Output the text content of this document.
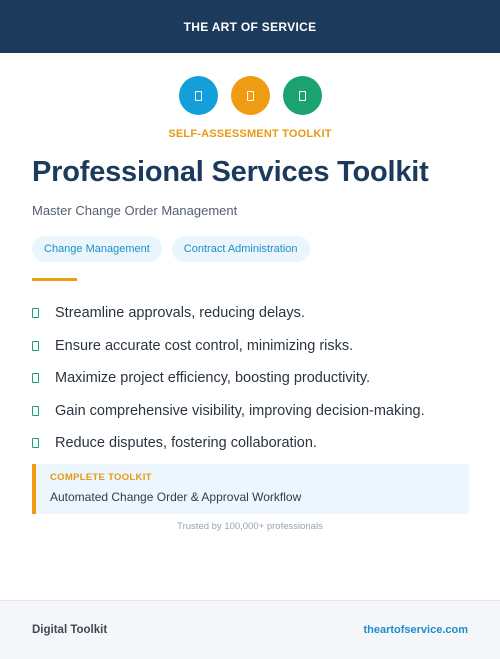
THE ART OF SERVICE
SELF-ASSESSMENT TOOLKIT
Professional Services Toolkit
Master Change Order Management
Change Management	Contract Administration
Streamline approvals, reducing delays.
Ensure accurate cost control, minimizing risks.
Maximize project efficiency, boosting productivity.
Gain comprehensive visibility, improving decision-making.
Reduce disputes, fostering collaboration.
COMPLETE TOOLKIT
Automated Change Order & Approval Workflow
Trusted by 100,000+ professionals
Digital Toolkit	theartofservice.com
